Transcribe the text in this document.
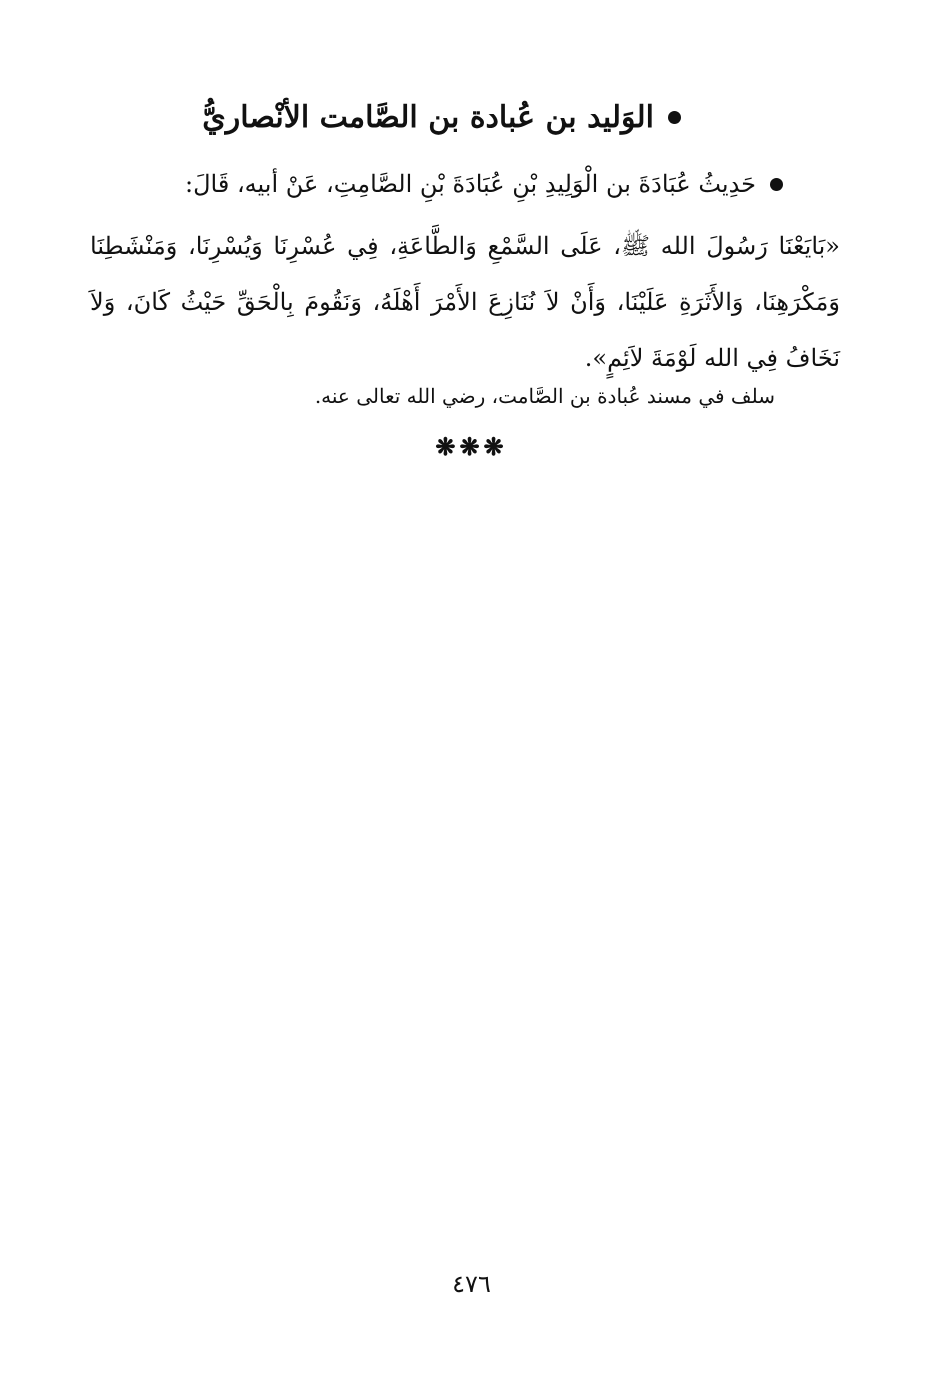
الوَليد بن عُبادة بن الصَّامت الأنْصاريُّ
حَدِيثُ عُبَادَةَ بن الْوَلِيدِ بْنِ عُبَادَةَ بْنِ الصَّامِتِ، عَنْ أبيه، قَالَ:
«بَايَعْنَا رَسُولَ الله ﷺ، عَلَى السَّمْعِ وَالطَّاعَةِ، فِي عُسْرِنَا وَيُسْرِنَا، وَمَنْشَطِنَا وَمَكْرَهِنَا، وَالأَثَرَةِ عَلَيْنَا، وَأَنْ لاَ نُنَازِعَ الأَمْرَ أَهْلَهُ، وَنَقُومَ بِالْحَقِّ حَيْثُ كَانَ، وَلاَ نَخَافُ فِي الله لَوْمَةَ لاَئِمٍ».
سلف في مسند عُبادة بن الصَّامت، رضي الله تعالى عنه.
❋❋❋
٤٧٦
